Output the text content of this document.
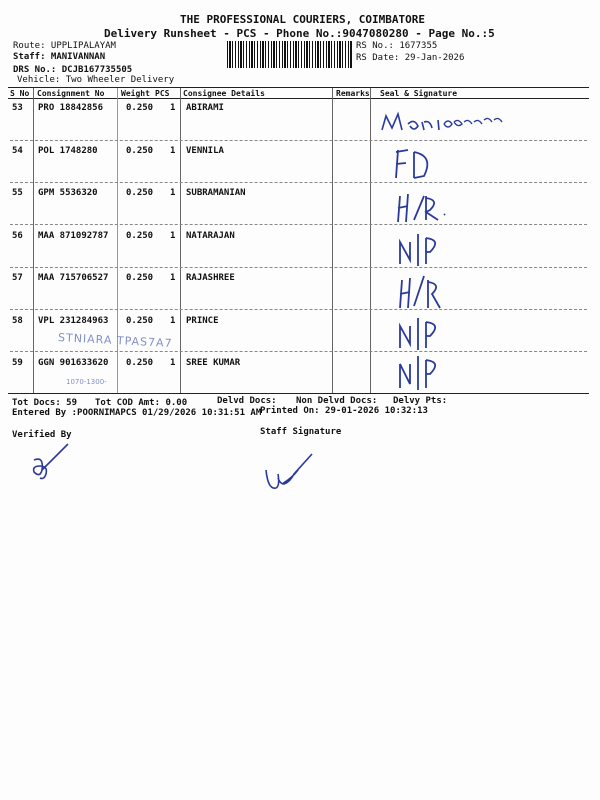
THE PROFESSIONAL COURIERS, COIMBATORE
Delivery Runsheet - PCS - Phone No.:9047080280 - Page No.:5
Route: UPPLIPALAYAM
Staff: MANIVANNAN
DRS No.: DCJB167735505
Vehicle: Two Wheeler Delivery
RS No.: 1677355
RS Date: 29-Jan-2026
S No Consignment No Weight PCS Consignee Details	Remarks Seal & Signature
53 PRO 18842856	0.250 1 ABIRAMI
54 POL 1748280	0.250 1 VENNILA
55 GPM 5536320	0.250 1 SUBRAMANIAN
56 MAA 871092787 0.250 1 NATARAJAN
57 MAA 715706527 0.250 1 RAJASHREE
58 VPL 231284963 0.250 1 PRINCE
STNIARA TPAS7A7
59 GGN 901633620 0.250 1 SREE KUMAR
1070-1300-
Tot Docs: 59 Tot COD Amt: 0.00	Delvd Docs: Non Delvd Docs: Delvy Pts:
Entered By :POORNIMAPCS 01/29/2026 10:31:51 AM
Printed On: 29-01-2026 10:32:13
Verified By	Staff Signature
